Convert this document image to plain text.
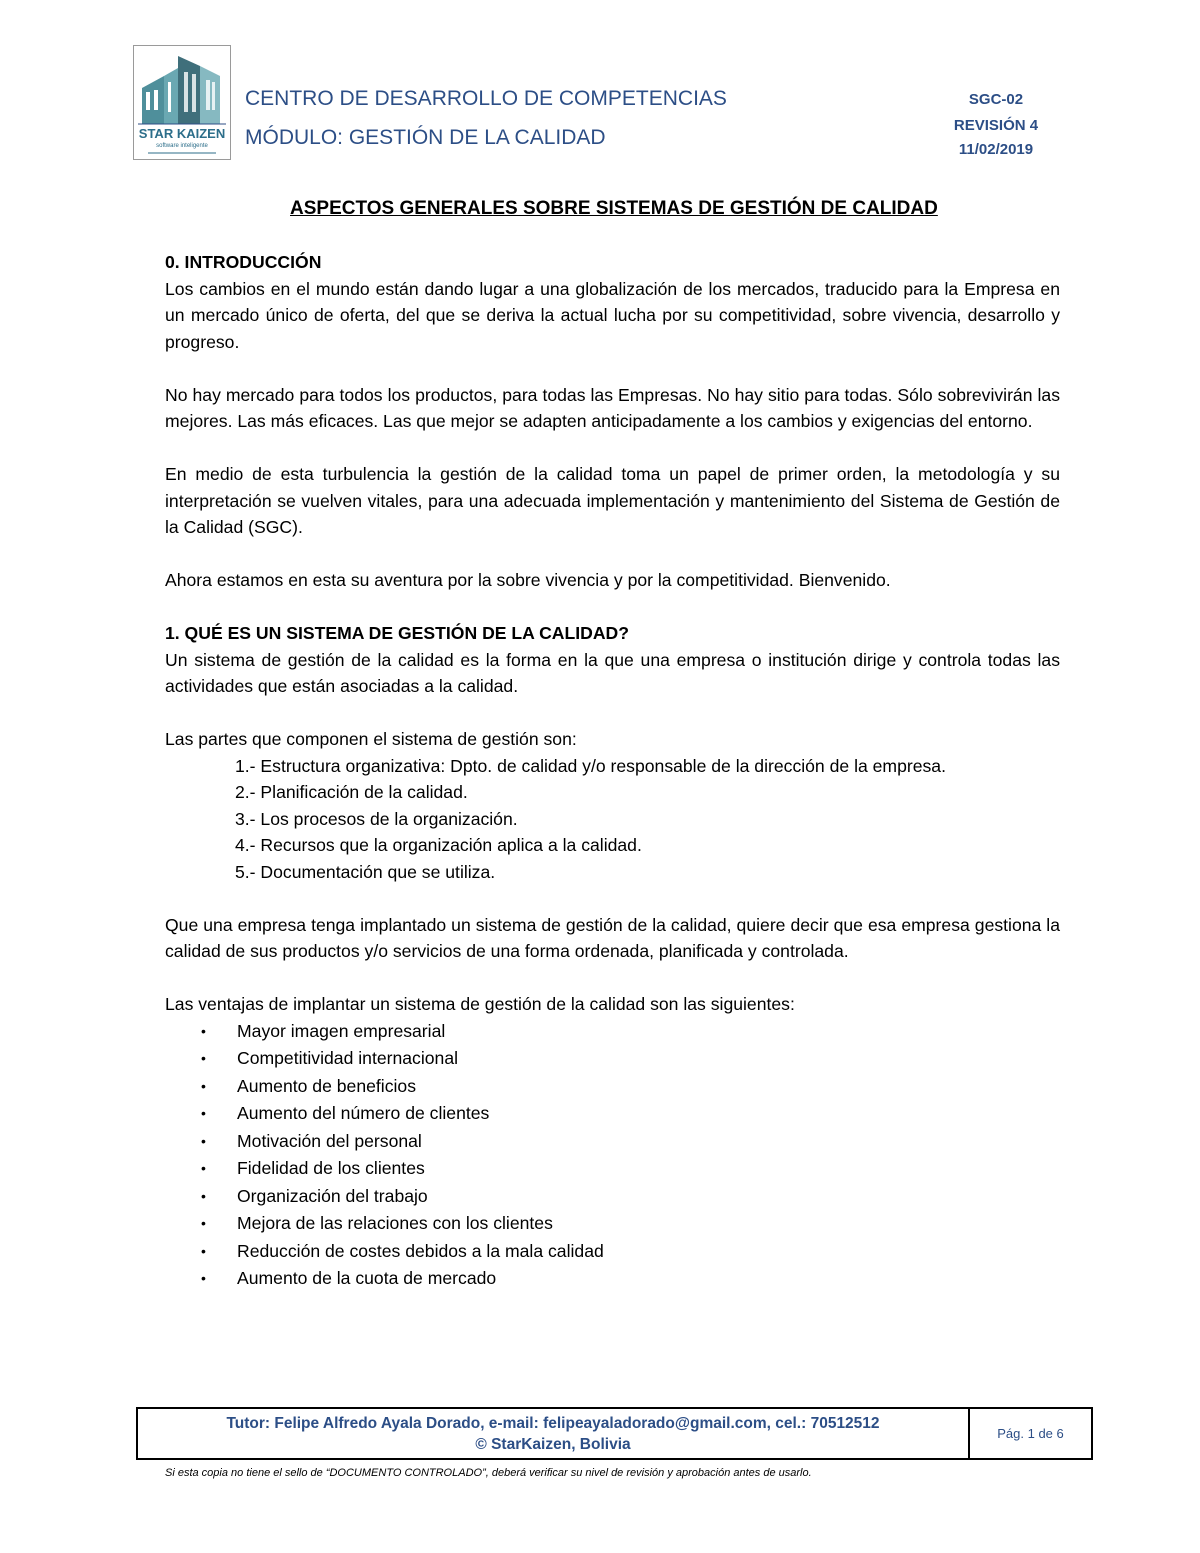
STAR KAIZEN
software inteligente
CENTRO DE DESARROLLO DE COMPETENCIAS
MÓDULO: GESTIÓN DE LA CALIDAD
SGC-02
REVISIÓN 4
11/02/2019
ASPECTOS GENERALES SOBRE SISTEMAS DE GESTIÓN DE CALIDAD
0. INTRODUCCIÓN

Los cambios en el mundo están dando lugar a una globalización de los mercados, traducido para la Empresa en un mercado único de oferta, del que se deriva la actual lucha por su competitividad, sobre vivencia, desarrollo y progreso.

No hay mercado para todos los productos, para todas las Empresas. No hay sitio para todas. Sólo sobrevivirán las mejores. Las más eficaces. Las que mejor se adapten anticipadamente a los cambios y exigencias del entorno.

En medio de esta turbulencia la gestión de la calidad toma un papel de primer orden, la metodología y su interpretación se vuelven vitales, para una adecuada implementación y mantenimiento del Sistema de Gestión de la Calidad (SGC).

Ahora estamos en esta su aventura por la sobre vivencia y por la competitividad. Bienvenido.

1. QUÉ ES UN SISTEMA DE GESTIÓN DE LA CALIDAD?

Un sistema de gestión de la calidad es la forma en la que una empresa o institución dirige y controla todas las actividades que están asociadas a la calidad.

Las partes que componen el sistema de gestión son:

1.- Estructura organizativa: Dpto. de calidad y/o responsable de la dirección de la empresa.
2.- Planificación de la calidad.
3.- Los procesos de la organización.
4.- Recursos que la organización aplica a la calidad.
5.- Documentación que se utiliza.

Que una empresa tenga implantado un sistema de gestión de la calidad, quiere decir que esa empresa gestiona la calidad de sus productos y/o servicios de una forma ordenada, planificada y controlada.

Las ventajas de implantar un sistema de gestión de la calidad son las siguientes:

• Mayor imagen empresarial
• Competitividad internacional
• Aumento de beneficios
• Aumento del número de clientes
• Motivación del personal
• Fidelidad de los clientes
• Organización del trabajo
• Mejora de las relaciones con los clientes
• Reducción de costes debidos a la mala calidad
• Aumento de la cuota de mercado
Tutor: Felipe Alfredo Ayala Dorado, e-mail: felipeayaladorado@gmail.com, cel.: 70512512
© StarKaizen, Bolivia
Pág. 1 de 6
Si esta copia no tiene el sello de “DOCUMENTO CONTROLADO”, deberá verificar su nivel de revisión y aprobación antes de usarlo.
